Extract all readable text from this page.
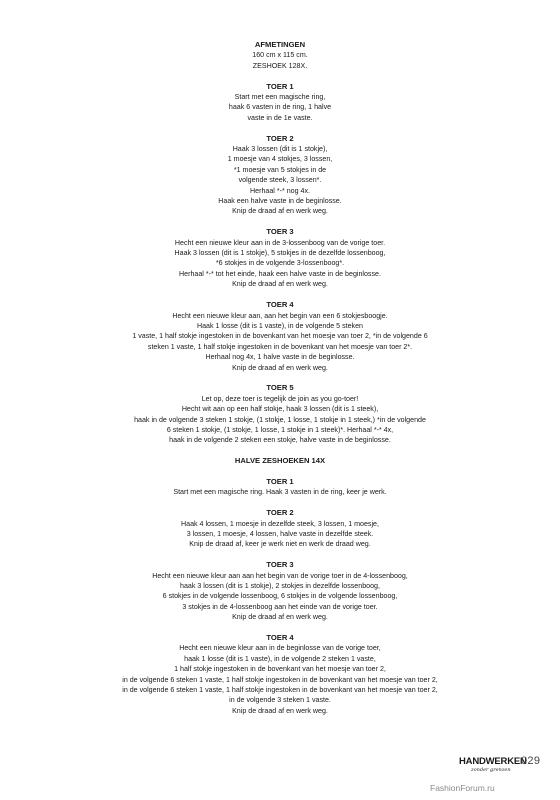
AFMETINGEN
160 cm x 115 cm.
ZESHOEK 128X.
TOER 1
Start met een magische ring,
haak 6 vasten in de ring, 1 halve
vaste in de 1e vaste.
TOER 2
Haak 3 lossen (dit is 1 stokje),
1 moesje van 4 stokjes, 3 lossen,
*1 moesje van 5 stokjes in de
volgende steek, 3 lossen*.
Herhaal *-* nog 4x.
Haak een halve vaste in de beginlosse.
Knip de draad af en werk weg.
TOER 3
Hecht een nieuwe kleur aan in de 3-lossenboog van de vorige toer.
Haak 3 lossen (dit is 1 stokje), 5 stokjes in de dezelfde lossenboog,
*6 stokjes in de volgende 3-lossenboog*.
Herhaal *-* tot het einde, haak een halve vaste in de beginlosse.
Knip de draad af en werk weg.
TOER 4
Hecht een nieuwe kleur aan, aan het begin van een 6 stokjesboogje.
Haak 1 losse (dit is 1 vaste), in de volgende 5 steken
1 vaste, 1 half stokje ingestoken in de bovenkant van het moesje van toer 2, *in de volgende 6
steken 1 vaste, 1 half stokje ingestoken in de bovenkant van het moesje van toer 2*.
Herhaal nog 4x, 1 halve vaste in de beginlosse.
Knip de draad af en werk weg.
TOER 5
Let op, deze toer is tegelijk de join as you go-toer!
Hecht wit aan op een half stokje, haak 3 lossen (dit is 1 steek),
haak in de volgende 3 steken 1 stokje, (1 stokje, 1 losse, 1 stokje in 1 steek,) *in de volgende
6 steken 1 stokje, (1 stokje, 1 losse, 1 stokje in 1 steek)*. Herhaal *-* 4x,
haak in de volgende 2 steken een stokje, halve vaste in de beginlosse.
HALVE ZESHOEKEN 14X
TOER 1
Start met een magische ring. Haak 3 vasten in de ring, keer je werk.
TOER 2
Haak 4 lossen, 1 moesje in dezelfde steek, 3 lossen, 1 moesje,
3 lossen, 1 moesje, 4 lossen, halve vaste in dezelfde steek.
Knip de draad af, keer je werk niet en werk de draad weg.
TOER 3
Hecht een nieuwe kleur aan aan het begin van de vorige toer in de 4-lossenboog,
haak 3 lossen (dit is 1 stokje), 2 stokjes in dezelfde lossenboog,
6 stokjes in de volgende lossenboog, 6 stokjes in de volgende lossenboog,
3 stokjes in de 4-lossenboog aan het einde van de vorige toer.
Knip de draad af en werk weg.
TOER 4
Hecht een nieuwe kleur aan in de beginlosse van de vorige toer,
haak 1 losse (dit is 1 vaste), in de volgende 2 steken 1 vaste,
1 half stokje ingestoken in de bovenkant van het moesje van toer 2,
in de volgende 6 steken 1 vaste, 1 half stokje ingestoken in de bovenkant van het moesje van toer 2,
in de volgende 6 steken 1 vaste, 1 half stokje ingestoken in de bovenkant van het moesje van toer 2,
in de volgende 3 steken 1 vaste.
Knip de draad af en werk weg.
HANDWERKEN
zonder grenzen
029
FashionForum.ru
